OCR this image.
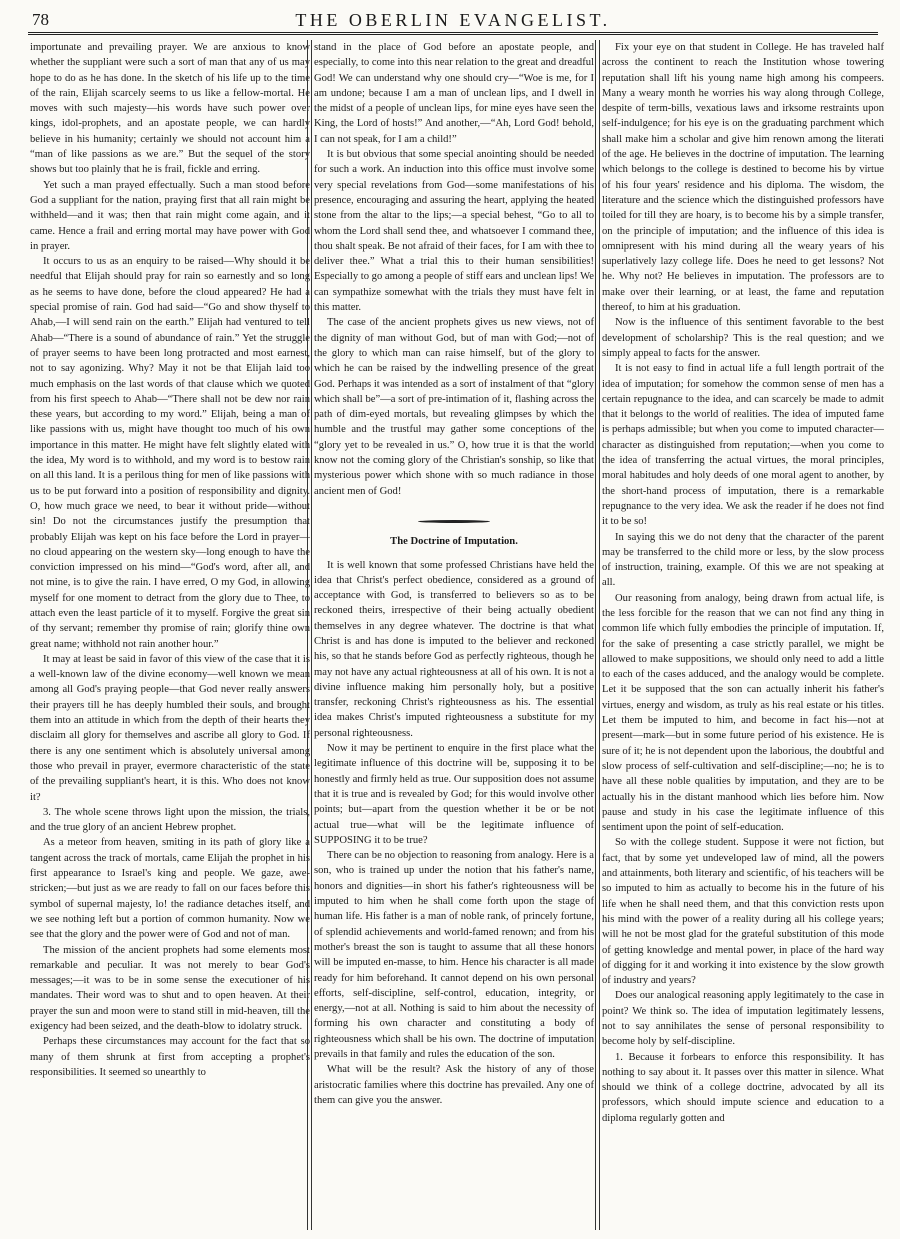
78	THE OBERLIN EVANGELIST.

importunate and prevailing prayer. We are anxious to know whether the suppliant were such a sort of man that any of us may hope to do as he has done. In the sketch of his life up to the time of the rain, Elijah scarcely seems to us like a fellow-mortal. He moves with such majesty—his words have such power over kings, idol-prophets, and an apostate people, we can hardly believe in his humanity; certainly we should not account him a “man of like passions as we are.” But the sequel of the story shows but too plainly that he is frail, fickle and erring.

Yet such a man prayed effectually. Such a man stood before God a suppliant for the nation, praying first that all rain might be withheld—and it was; then that rain might come again, and it came. Hence a frail and erring mortal may have power with God in prayer.

It occurs to us as an enquiry to be raised—Why should it be needful that Elijah should pray for rain so earnestly and so long as he seems to have done, before the cloud appeared? He had a special promise of rain. God had said—“Go and show thyself to Ahab,—I will send rain on the earth.” Elijah had ventured to tell Ahab—“There is a sound of abundance of rain.” Yet the struggle of prayer seems to have been long protracted and most earnest, not to say agonizing. Why? May it not be that Elijah laid too much emphasis on the last words of that clause which we quoted from his first speech to Ahab—“There shall not be dew nor rain these years, but according to my word.” Elijah, being a man of like passions with us, might have thought too much of his own importance in this matter. He might have felt slightly elated with the idea, My word is to withhold, and my word is to bestow rain on all this land. It is a perilous thing for men of like passions with us to be put forward into a position of responsibility and dignity. O, how much grace we need, to bear it without pride—without sin! Do not the circumstances justify the presumption that probably Elijah was kept on his face before the Lord in prayer—no cloud appearing on the western sky—long enough to have the conviction impressed on his mind—“God's word, after all, and not mine, is to give the rain. I have erred, O my God, in allowing myself for one moment to detract from the glory due to Thee, to attach even the least particle of it to myself. Forgive the great sin of thy servant; remember thy promise of rain; glorify thine own great name; withhold not rain another hour.”

It may at least be said in favor of this view of the case that it is a well-known law of the divine economy—well known we mean among all God's praying people—that God never really answers their prayers till he has deeply humbled their souls, and brought them into an attitude in which from the depth of their hearts they disclaim all glory for themselves and ascribe all glory to God. If there is any one sentiment which is absolutely universal among those who prevail in prayer, evermore characteristic of the state of the prevailing suppliant's heart, it is this. Who does not know it?

3. The whole scene throws light upon the mission, the trials, and the true glory of an ancient Hebrew prophet.

As a meteor from heaven, smiting in its path of glory like a tangent across the track of mortals, came Elijah the prophet in his first appearance to Israel's king and people. We gaze, awe-stricken;—but just as we are ready to fall on our faces before this symbol of supernal majesty, lo! the radiance detaches itself, and we see nothing left but a portion of common humanity. Now we see that the glory and the power were of God and not of man.

The mission of the ancient prophets had some elements most remarkable and peculiar. It was not merely to bear God's messages;—it was to be in some sense the executioner of his mandates. Their word was to shut and to open heaven. At their prayer the sun and moon were to stand still in mid-heaven, till the exigency had been seized, and the death-blow to idolatry struck.

Perhaps these circumstances may account for the fact that so many of them shrunk at first from accepting a prophet's responsibilities. It seemed so unearthly to

stand in the place of God before an apostate people, and especially, to come into this near relation to the great and dreadful God! We can understand why one should cry—“Woe is me, for I am undone; because I am a man of unclean lips, and I dwell in the midst of a people of unclean lips, for mine eyes have seen the King, the Lord of hosts!” And another,—“Ah, Lord God! behold, I can not speak, for I am a child!”

It is but obvious that some special anointing should be needed for such a work. An induction into this office must involve some very special revelations from God—some manifestations of his presence, encouraging and assuring the heart, applying the heated stone from the altar to the lips;—a special behest, “Go to all to whom the Lord shall send thee, and whatsoever I command thee, thou shalt speak. Be not afraid of their faces, for I am with thee to deliver thee.” What a trial this to their human sensibilities! Especially to go among a people of stiff ears and unclean lips! We can sympathize somewhat with the trials they must have felt in this matter.

The case of the ancient prophets gives us new views, not of the dignity of man without God, but of man with God;—not of the glory to which man can raise himself, but of the glory to which he can be raised by the indwelling presence of the great God. Perhaps it was intended as a sort of instalment of that “glory which shall be”—a sort of pre-intimation of it, flashing across the path of dim-eyed mortals, but revealing glimpses by which the humble and the trustful may gather some conceptions of the “glory yet to be revealed in us.” O, how true it is that the world know not the coming glory of the Christian's sonship, so like that mysterious power which shone with so much radiance in those ancient men of God!

The Doctrine of Imputation.

It is well known that some professed Christians have held the idea that Christ's perfect obedience, considered as a ground of acceptance with God, is transferred to believers so as to be reckoned theirs, irrespective of their being actually obedient themselves in any degree whatever. The doctrine is that what Christ is and has done is imputed to the believer and reckoned his, so that he stands before God as perfectly righteous, though he may not have any actual righteousness at all of his own. It is not a divine influence making him personally holy, but a positive transfer, reckoning Christ's righteousness as his. The essential idea makes Christ's imputed righteousness a substitute for my personal righteousness.

Now it may be pertinent to enquire in the first place what the legitimate influence of this doctrine will be, supposing it to be honestly and firmly held as true. Our supposition does not assume that it is true and is revealed by God; for this would involve other points; but—apart from the question whether it be or be not actual true—what will be the legitimate influence of SUPPOSING it to be true?

There can be no objection to reasoning from analogy. Here is a son, who is trained up under the notion that his father's name, honors and dignities—in short his father's righteousness will be imputed to him when he shall come forth upon the stage of human life. His father is a man of noble rank, of princely fortune, of splendid achievements and world-famed renown; and from his mother's breast the son is taught to assume that all these honors will be imputed en-masse, to him. Hence his character is all made ready for him beforehand. It cannot depend on his own personal efforts, self-discipline, self-control, education, integrity, or energy,—not at all. Nothing is said to him about the necessity of forming his own character and constituting a body of righteousness which shall be his own. The doctrine of imputation prevails in that family and rules the education of the son.

What will be the result? Ask the history of any of those aristocratic families where this doctrine has prevailed. Any one of them can give you the answer.

Fix your eye on that student in College. He has traveled half across the continent to reach the Institution whose towering reputation shall lift his young name high among his compeers. Many a weary month he worries his way along through College, despite of term-bills, vexatious laws and irksome restraints upon self-indulgence; for his eye is on the graduating parchment which shall make him a scholar and give him renown among the literati of the age. He believes in the doctrine of imputation. The learning which belongs to the college is destined to become his by virtue of his four years' residence and his diploma. The wisdom, the literature and the science which the distinguished professors have toiled for till they are hoary, is to become his by a simple transfer, on the principle of imputation; and the influence of this idea is omnipresent with his mind during all the weary years of his superlatively lazy college life. Does he need to get lessons? Not he. Why not? He believes in imputation. The professors are to make over their learning, or at least, the fame and reputation thereof, to him at his graduation.

Now is the influence of this sentiment favorable to the best development of scholarship? This is the real question; and we simply appeal to facts for the answer.

It is not easy to find in actual life a full length portrait of the idea of imputation; for somehow the common sense of men has a certain repugnance to the idea, and can scarcely be made to admit that it belongs to the world of realities. The idea of imputed fame is perhaps admissible; but when you come to imputed character—character as distinguished from reputation;—when you come to the idea of transferring the actual virtues, the moral principles, moral habitudes and holy deeds of one moral agent to another, by the short-hand process of imputation, there is a remarkable repugnance to the very idea. We ask the reader if he does not find it to be so!

In saying this we do not deny that the character of the parent may be transferred to the child more or less, by the slow process of instruction, training, example. Of this we are not speaking at all.

Our reasoning from analogy, being drawn from actual life, is the less forcible for the reason that we can not find any thing in common life which fully embodies the principle of imputation. If, for the sake of presenting a case strictly parallel, we might be allowed to make suppositions, we should only need to add a little to each of the cases adduced, and the analogy would be complete. Let it be supposed that the son can actually inherit his father's virtues, energy and wisdom, as truly as his real estate or his titles. Let them be imputed to him, and become in fact his—not at present—mark—but in some future period of his existence. He is sure of it; he is not dependent upon the laborious, the doubtful and slow process of self-cultivation and self-discipline;—no; he is to have all these noble qualities by imputation, and they are to be actually his in the distant manhood which lies before him. Now pause and study in his case the legitimate influence of this sentiment upon the point of self-education.

So with the college student. Suppose it were not fiction, but fact, that by some yet undeveloped law of mind, all the powers and attainments, both literary and scientific, of his teachers will be so imputed to him as actually to become his in the future of his life when he shall need them, and that this conviction rests upon his mind with the power of a reality during all his college years; will he not be most glad for the grateful substitution of this mode of getting knowledge and mental power, in place of the hard way of digging for it and working it into existence by the slow growth of industry and years?

Does our analogical reasoning apply legitimately to the case in point? We think so. The idea of imputation legitimately lessens, not to say annihilates the sense of personal responsibility to become holy by self-discipline.

1. Because it forbears to enforce this responsibility. It has nothing to say about it. It passes over this matter in silence. What should we think of a college doctrine, advocated by all its professors, which should impute science and education to a diploma regularly gotten and
